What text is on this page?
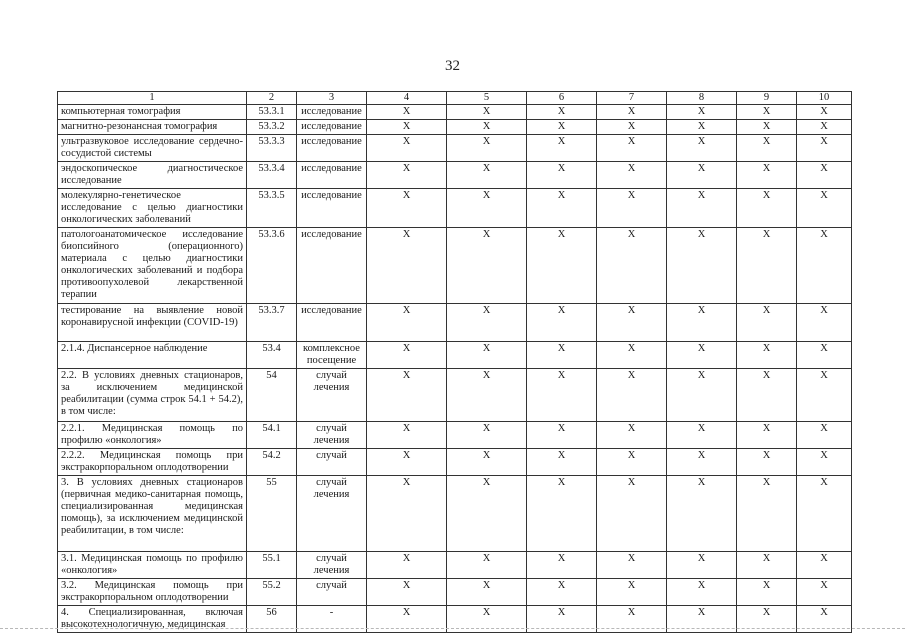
32
1	2	3	4	5	6	7	8	9	10
компьютерная томография	53.3.1	исследование	Х	Х	Х	Х	Х	Х	Х
магнитно-резонансная томография	53.3.2	исследование	Х	Х	Х	Х	Х	Х	Х
ультразвуковое исследование сердечно-сосудистой системы	53.3.3	исследование	Х	Х	Х	Х	Х	Х	Х
эндоскопическое диагностическое исследование	53.3.4	исследование	Х	Х	Х	Х	Х	Х	Х
молекулярно-генетическое исследование с целью диагностики онкологических заболеваний	53.3.5	исследование	Х	Х	Х	Х	Х	Х	Х
патологоанатомическое исследование биопсийного (операционного) материала с целью диагностики онкологических заболеваний и подбора противоопухолевой лекарственной терапии	53.3.6	исследование	Х	Х	Х	Х	Х	Х	Х
тестирование на выявление новой коронавирусной инфекции (COVID-19)	53.3.7	исследование	Х	Х	Х	Х	Х	Х	Х
2.1.4. Диспансерное наблюдение	53.4	комплексное посещение	Х	Х	Х	Х	Х	Х	Х
2.2. В условиях дневных стационаров, за исключением медицинской реабилитации (сумма строк 54.1 + 54.2), в том числе:	54	случай лечения	Х	Х	Х	Х	Х	Х	Х
2.2.1. Медицинская помощь по профилю «онкология»	54.1	случай лечения	Х	Х	Х	Х	Х	Х	Х
2.2.2. Медицинская помощь при экстракорпоральном оплодотворении	54.2	случай	Х	Х	Х	Х	Х	Х	Х
3. В условиях дневных стационаров (первичная медико-санитарная помощь, специализированная медицинская помощь), за исключением медицинской реабилитации, в том числе:	55	случай лечения	Х	Х	Х	Х	Х	Х	Х
3.1. Медицинская помощь по профилю «онкология»	55.1	случай лечения	Х	Х	Х	Х	Х	Х	Х
3.2. Медицинская помощь при экстракорпоральном оплодотворении	55.2	случай	Х	Х	Х	Х	Х	Х	Х
4. Специализированная, включая высокотехнологичную, медицинская	56	-	Х	Х	Х	Х	Х	Х	Х
